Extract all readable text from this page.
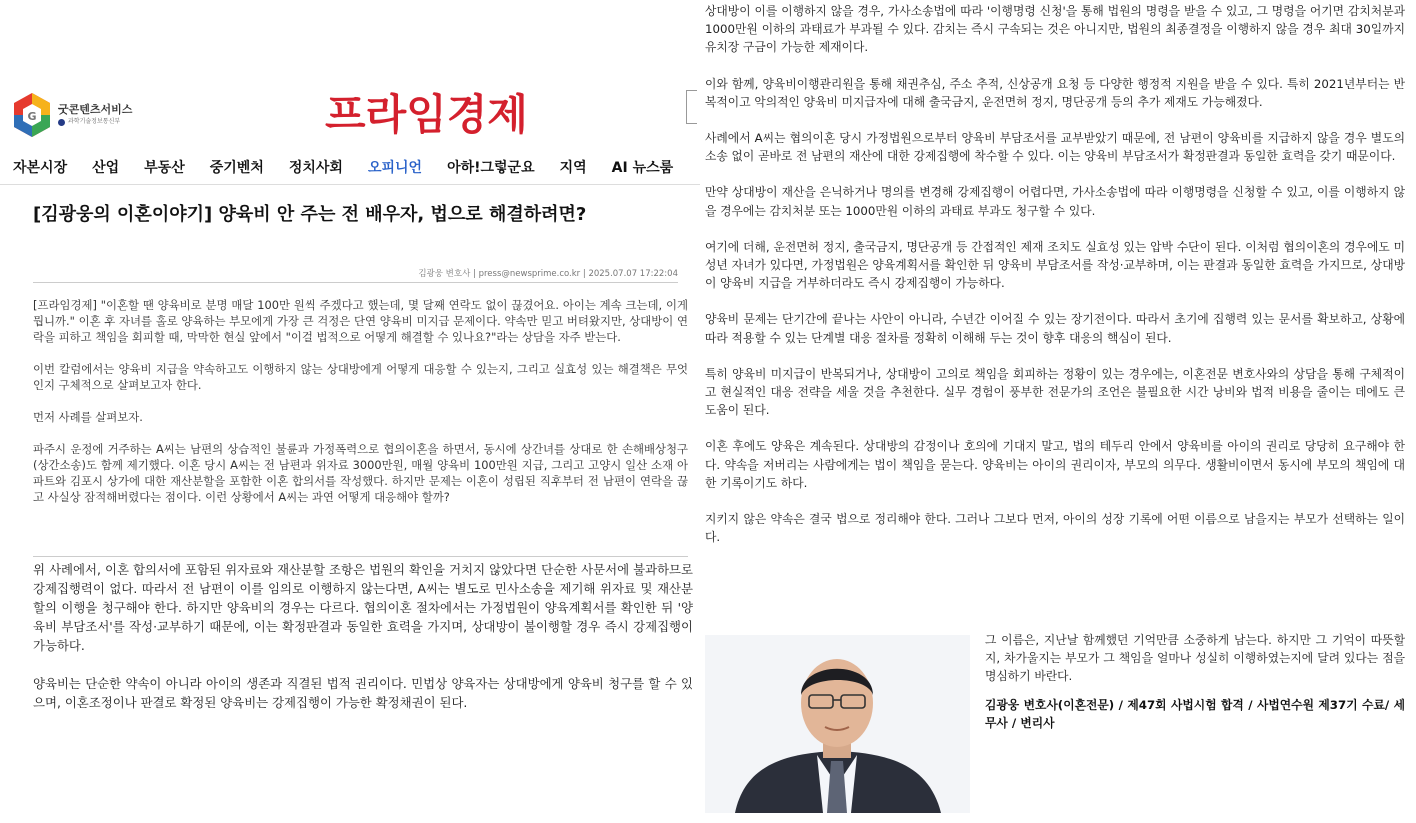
G
굿콘텐츠서비스
과학기술정보통신부	프라임경제
자본시장 산업 부동산 중기벤처 정치사회 오피니언 아하!그렇군요 지역 AI 뉴스룸
[김광웅의 이혼이야기] 양육비 안 주는 전 배우자, 법으로 해결하려면?
김광웅 변호사 | press@newsprime.co.kr | 2025.07.07 17:22:04

[프라임경제] "이혼할 땐 양육비로 분명 매달 100만 원씩 주겠다고 했는데, 몇 달째 연락도 없이 끊겼어요. 아이는 계속 크는데, 이게 뭡니까." 이혼 후 자녀를 홀로 양육하는 부모에게 가장 큰 걱정은 단연 양육비 미지급 문제이다. 약속만 믿고 버텨왔지만, 상대방이 연락을 피하고 책임을 회피할 때, 막막한 현실 앞에서 "이걸 법적으로 어떻게 해결할 수 있나요?"라는 상담을 자주 받는다.

이번 칼럼에서는 양육비 지급을 약속하고도 이행하지 않는 상대방에게 어떻게 대응할 수 있는지, 그리고 실효성 있는 해결책은 무엇인지 구체적으로 살펴보고자 한다.

먼저 사례를 살펴보자.

파주시 운정에 거주하는 A씨는 남편의 상습적인 불륜과 가정폭력으로 협의이혼을 하면서, 동시에 상간녀를 상대로 한 손해배상청구(상간소송)도 함께 제기했다. 이혼 당시 A씨는 전 남편과 위자료 3000만원, 매월 양육비 100만원 지급, 그리고 고양시 일산 소재 아파트와 김포시 상가에 대한 재산분할을 포함한 이혼 합의서를 작성했다. 하지만 문제는 이혼이 성립된 직후부터 전 남편이 연락을 끊고 사실상 잠적해버렸다는 점이다. 이런 상황에서 A씨는 과연 어떻게 대응해야 할까?

위 사례에서, 이혼 합의서에 포함된 위자료와 재산분할 조항은 법원의 확인을 거치지 않았다면 단순한 사문서에 불과하므로 강제집행력이 없다. 따라서 전 남편이 이를 임의로 이행하지 않는다면, A씨는 별도로 민사소송을 제기해 위자료 및 재산분할의 이행을 청구해야 한다. 하지만 양육비의 경우는 다르다. 협의이혼 절차에서는 가정법원이 양육계획서를 확인한 뒤 '양육비 부담조서'를 작성·교부하기 때문에, 이는 확정판결과 동일한 효력을 가지며, 상대방이 불이행할 경우 즉시 강제집행이 가능하다.

양육비는 단순한 약속이 아니라 아이의 생존과 직결된 법적 권리이다. 민법상 양육자는 상대방에게 양육비 청구를 할 수 있으며, 이혼조정이나 판결로 확정된 양육비는 강제집행이 가능한 확정채권이 된다.

상대방이 이를 이행하지 않을 경우, 가사소송법에 따라 '이행명령 신청'을 통해 법원의 명령을 받을 수 있고, 그 명령을 어기면 감치처분과 1000만원 이하의 과태료가 부과될 수 있다. 감치는 즉시 구속되는 것은 아니지만, 법원의 최종결정을 이행하지 않을 경우 최대 30일까지 유치장 구금이 가능한 제재이다.

이와 함께, 양육비이행관리원을 통해 채권추심, 주소 추적, 신상공개 요청 등 다양한 행정적 지원을 받을 수 있다. 특히 2021년부터는 반복적이고 악의적인 양육비 미지급자에 대해 출국금지, 운전면허 정지, 명단공개 등의 추가 제재도 가능해졌다.

사례에서 A씨는 협의이혼 당시 가정법원으로부터 양육비 부담조서를 교부받았기 때문에, 전 남편이 양육비를 지급하지 않을 경우 별도의 소송 없이 곧바로 전 남편의 재산에 대한 강제집행에 착수할 수 있다. 이는 양육비 부담조서가 확정판결과 동일한 효력을 갖기 때문이다.

만약 상대방이 재산을 은닉하거나 명의를 변경해 강제집행이 어렵다면, 가사소송법에 따라 이행명령을 신청할 수 있고, 이를 이행하지 않을 경우에는 감치처분 또는 1000만원 이하의 과태료 부과도 청구할 수 있다.

여기에 더해, 운전면허 정지, 출국금지, 명단공개 등 간접적인 제재 조치도 실효성 있는 압박 수단이 된다. 이처럼 협의이혼의 경우에도 미성년 자녀가 있다면, 가정법원은 양육계획서를 확인한 뒤 양육비 부담조서를 작성·교부하며, 이는 판결과 동일한 효력을 가지므로, 상대방이 양육비 지급을 거부하더라도 즉시 강제집행이 가능하다.

양육비 문제는 단기간에 끝나는 사안이 아니라, 수년간 이어질 수 있는 장기전이다. 따라서 초기에 집행력 있는 문서를 확보하고, 상황에 따라 적용할 수 있는 단계별 대응 절차를 정확히 이해해 두는 것이 향후 대응의 핵심이 된다.

특히 양육비 미지급이 반복되거나, 상대방이 고의로 책임을 회피하는 정황이 있는 경우에는, 이혼전문 변호사와의 상담을 통해 구체적이고 현실적인 대응 전략을 세울 것을 추천한다. 실무 경험이 풍부한 전문가의 조언은 불필요한 시간 낭비와 법적 비용을 줄이는 데에도 큰 도움이 된다.

이혼 후에도 양육은 계속된다. 상대방의 감정이나 호의에 기대지 말고, 법의 테두리 안에서 양육비를 아이의 권리로 당당히 요구해야 한다. 약속을 저버리는 사람에게는 법이 책임을 묻는다. 양육비는 아이의 권리이자, 부모의 의무다. 생활비이면서 동시에 부모의 책임에 대한 기록이기도 하다.

지키지 않은 약속은 결국 법으로 정리해야 한다. 그러나 그보다 먼저, 아이의 성장 기록에 어떤 이름으로 남을지는 부모가 선택하는 일이다.

그 이름은, 지난날 함께했던 기억만큼 소중하게 남는다. 하지만 그 기억이 따뜻할지, 차가울지는 부모가 그 책임을 얼마나 성실히 이행하였는지에 달려 있다는 점을 명심하기 바란다.

김광웅 변호사(이혼전문) / 제47회 사법시험 합격 / 사법연수원 제37기 수료/ 세무사 / 변리사
